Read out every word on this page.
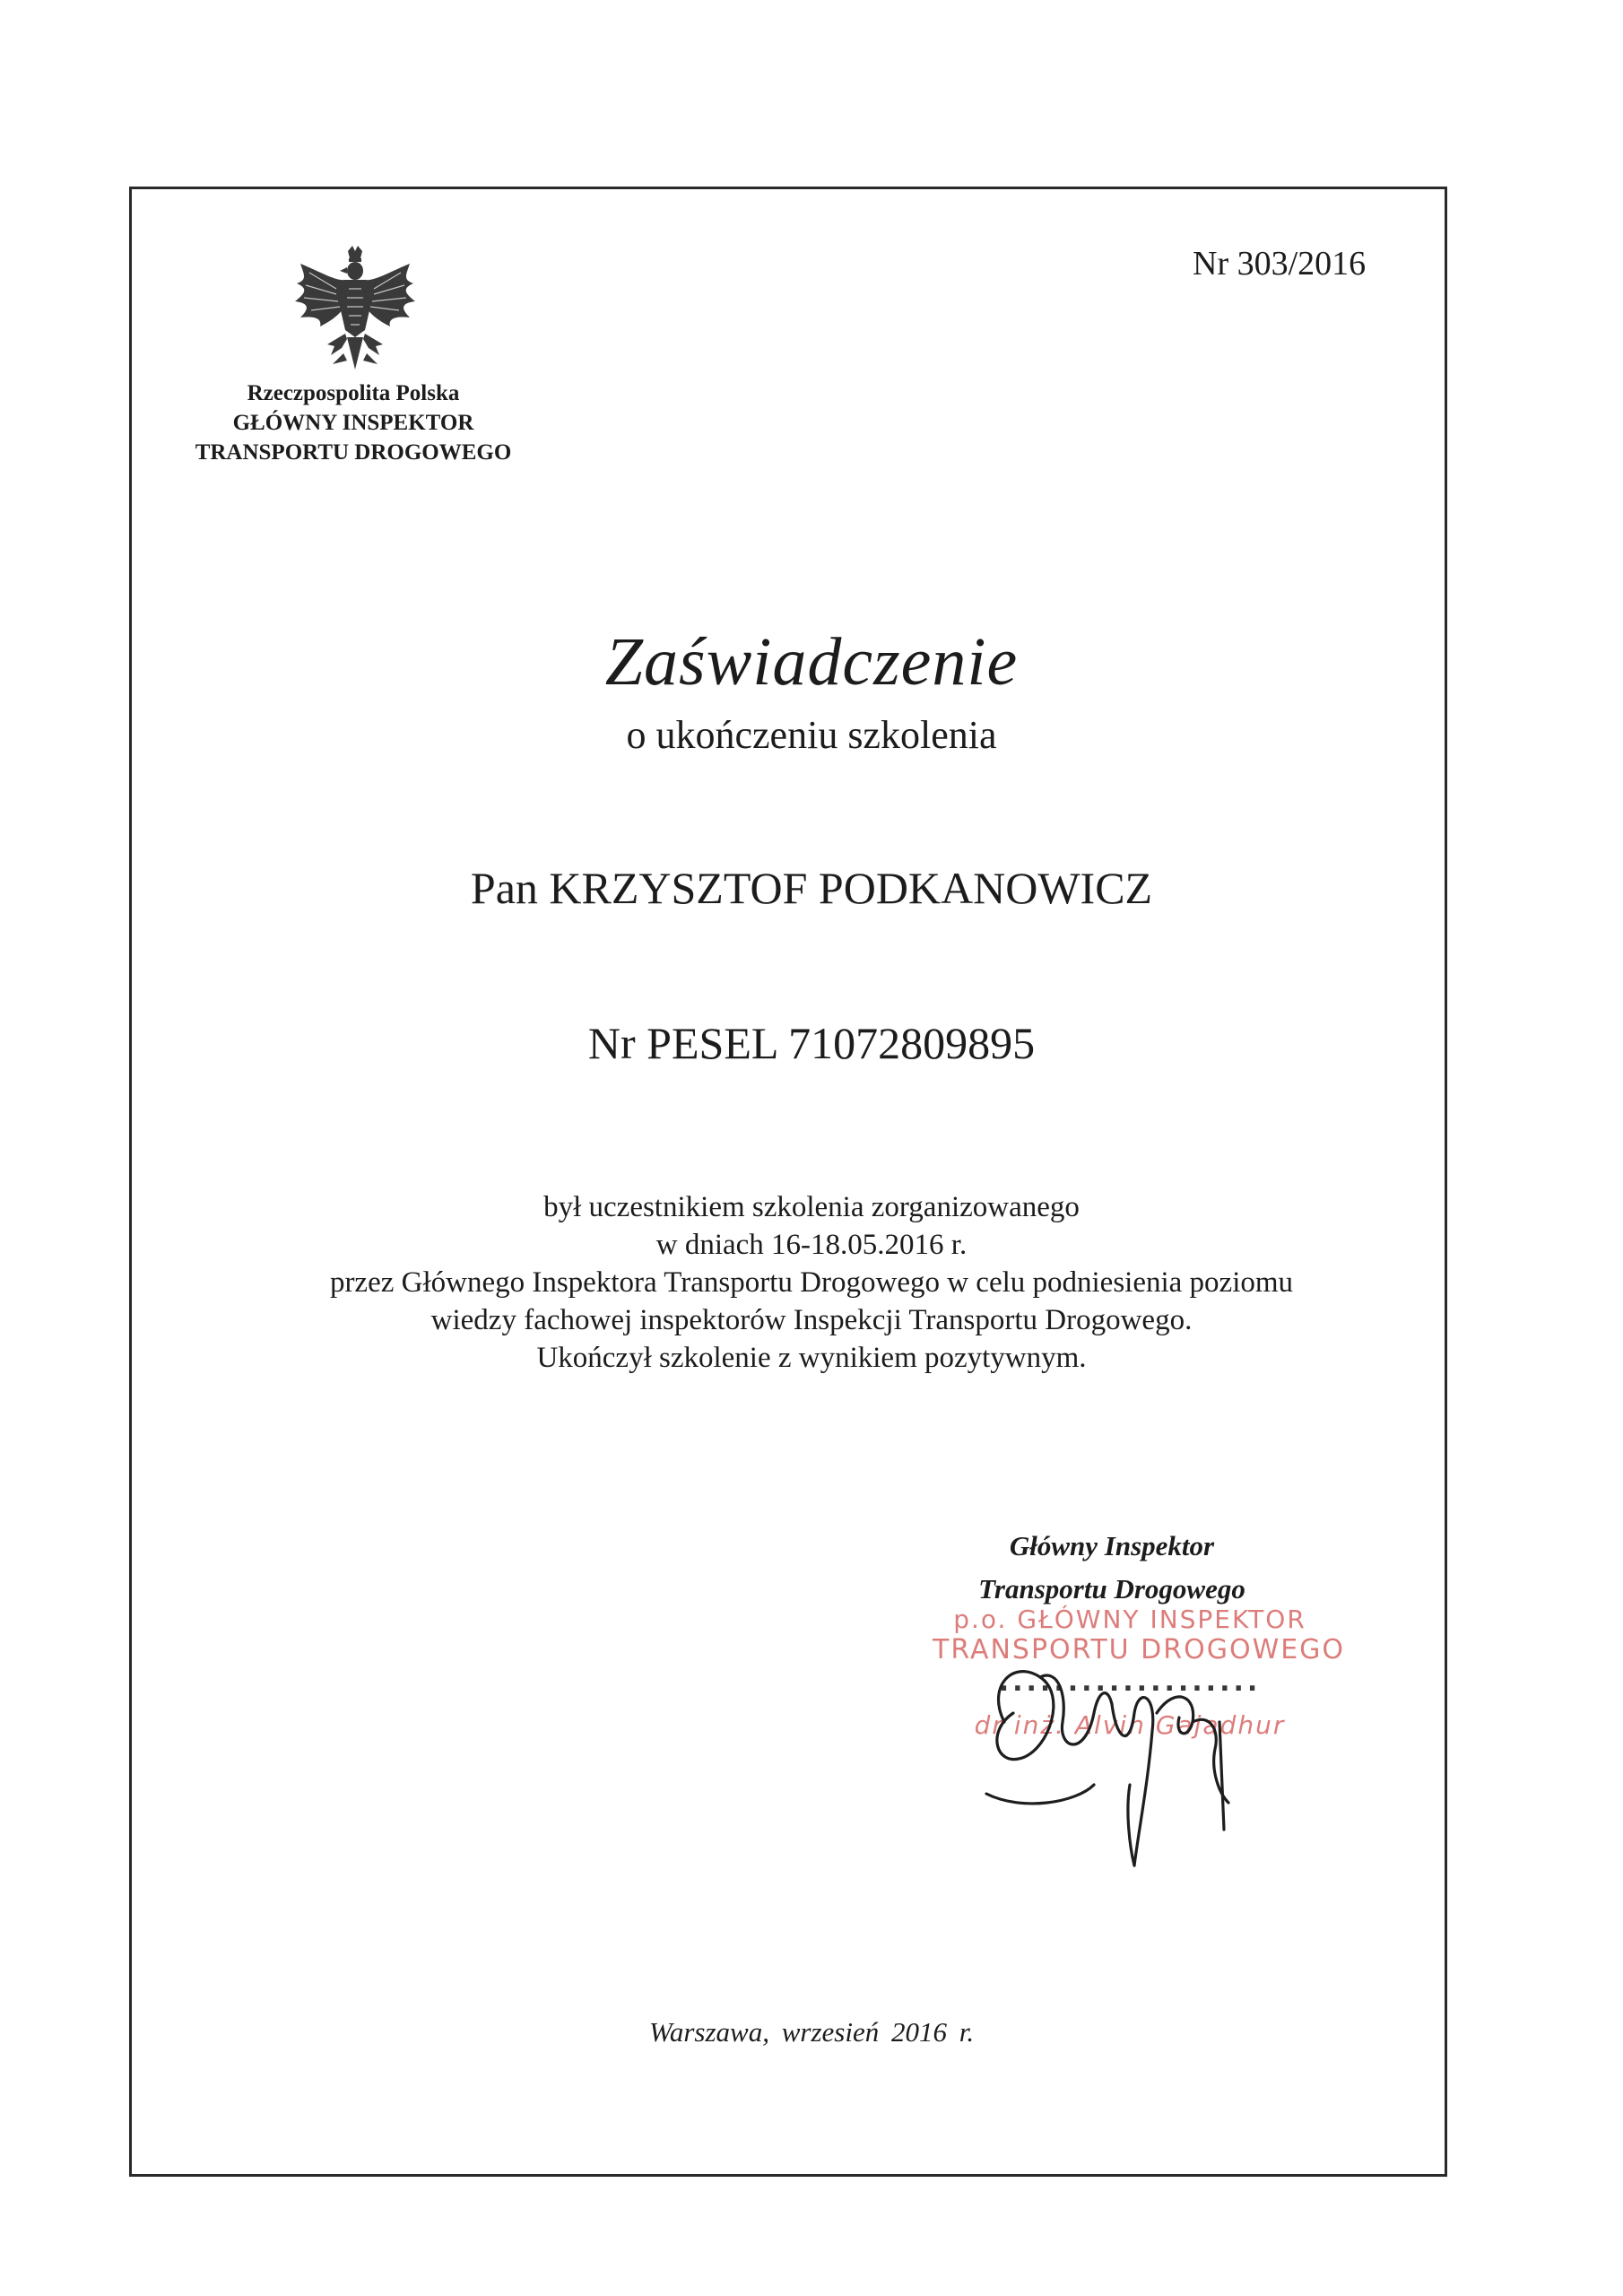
Rzeczpospolita Polska
GŁÓWNY INSPEKTOR
TRANSPORTU DROGOWEGO
Nr 303/2016
Zaświadczenie
o ukończeniu szkolenia
Pan KRZYSZTOF PODKANOWICZ
Nr PESEL 71072809895
był uczestnikiem szkolenia zorganizowanego
w dniach 16-18.05.2016 r.
przez Głównego Inspektora Transportu Drogowego w celu podniesienia poziomu
wiedzy fachowej inspektorów Inspekcji Transportu Drogowego.
Ukończył szkolenie z wynikiem pozytywnym.
Główny Inspektor
Transportu Drogowego
p.o. GŁÓWNY INSPEKTOR
TRANSPORTU DROGOWEGO
...................
dr inż. Alvin Gajadhur
Warszawa, wrzesień 2016 r.
